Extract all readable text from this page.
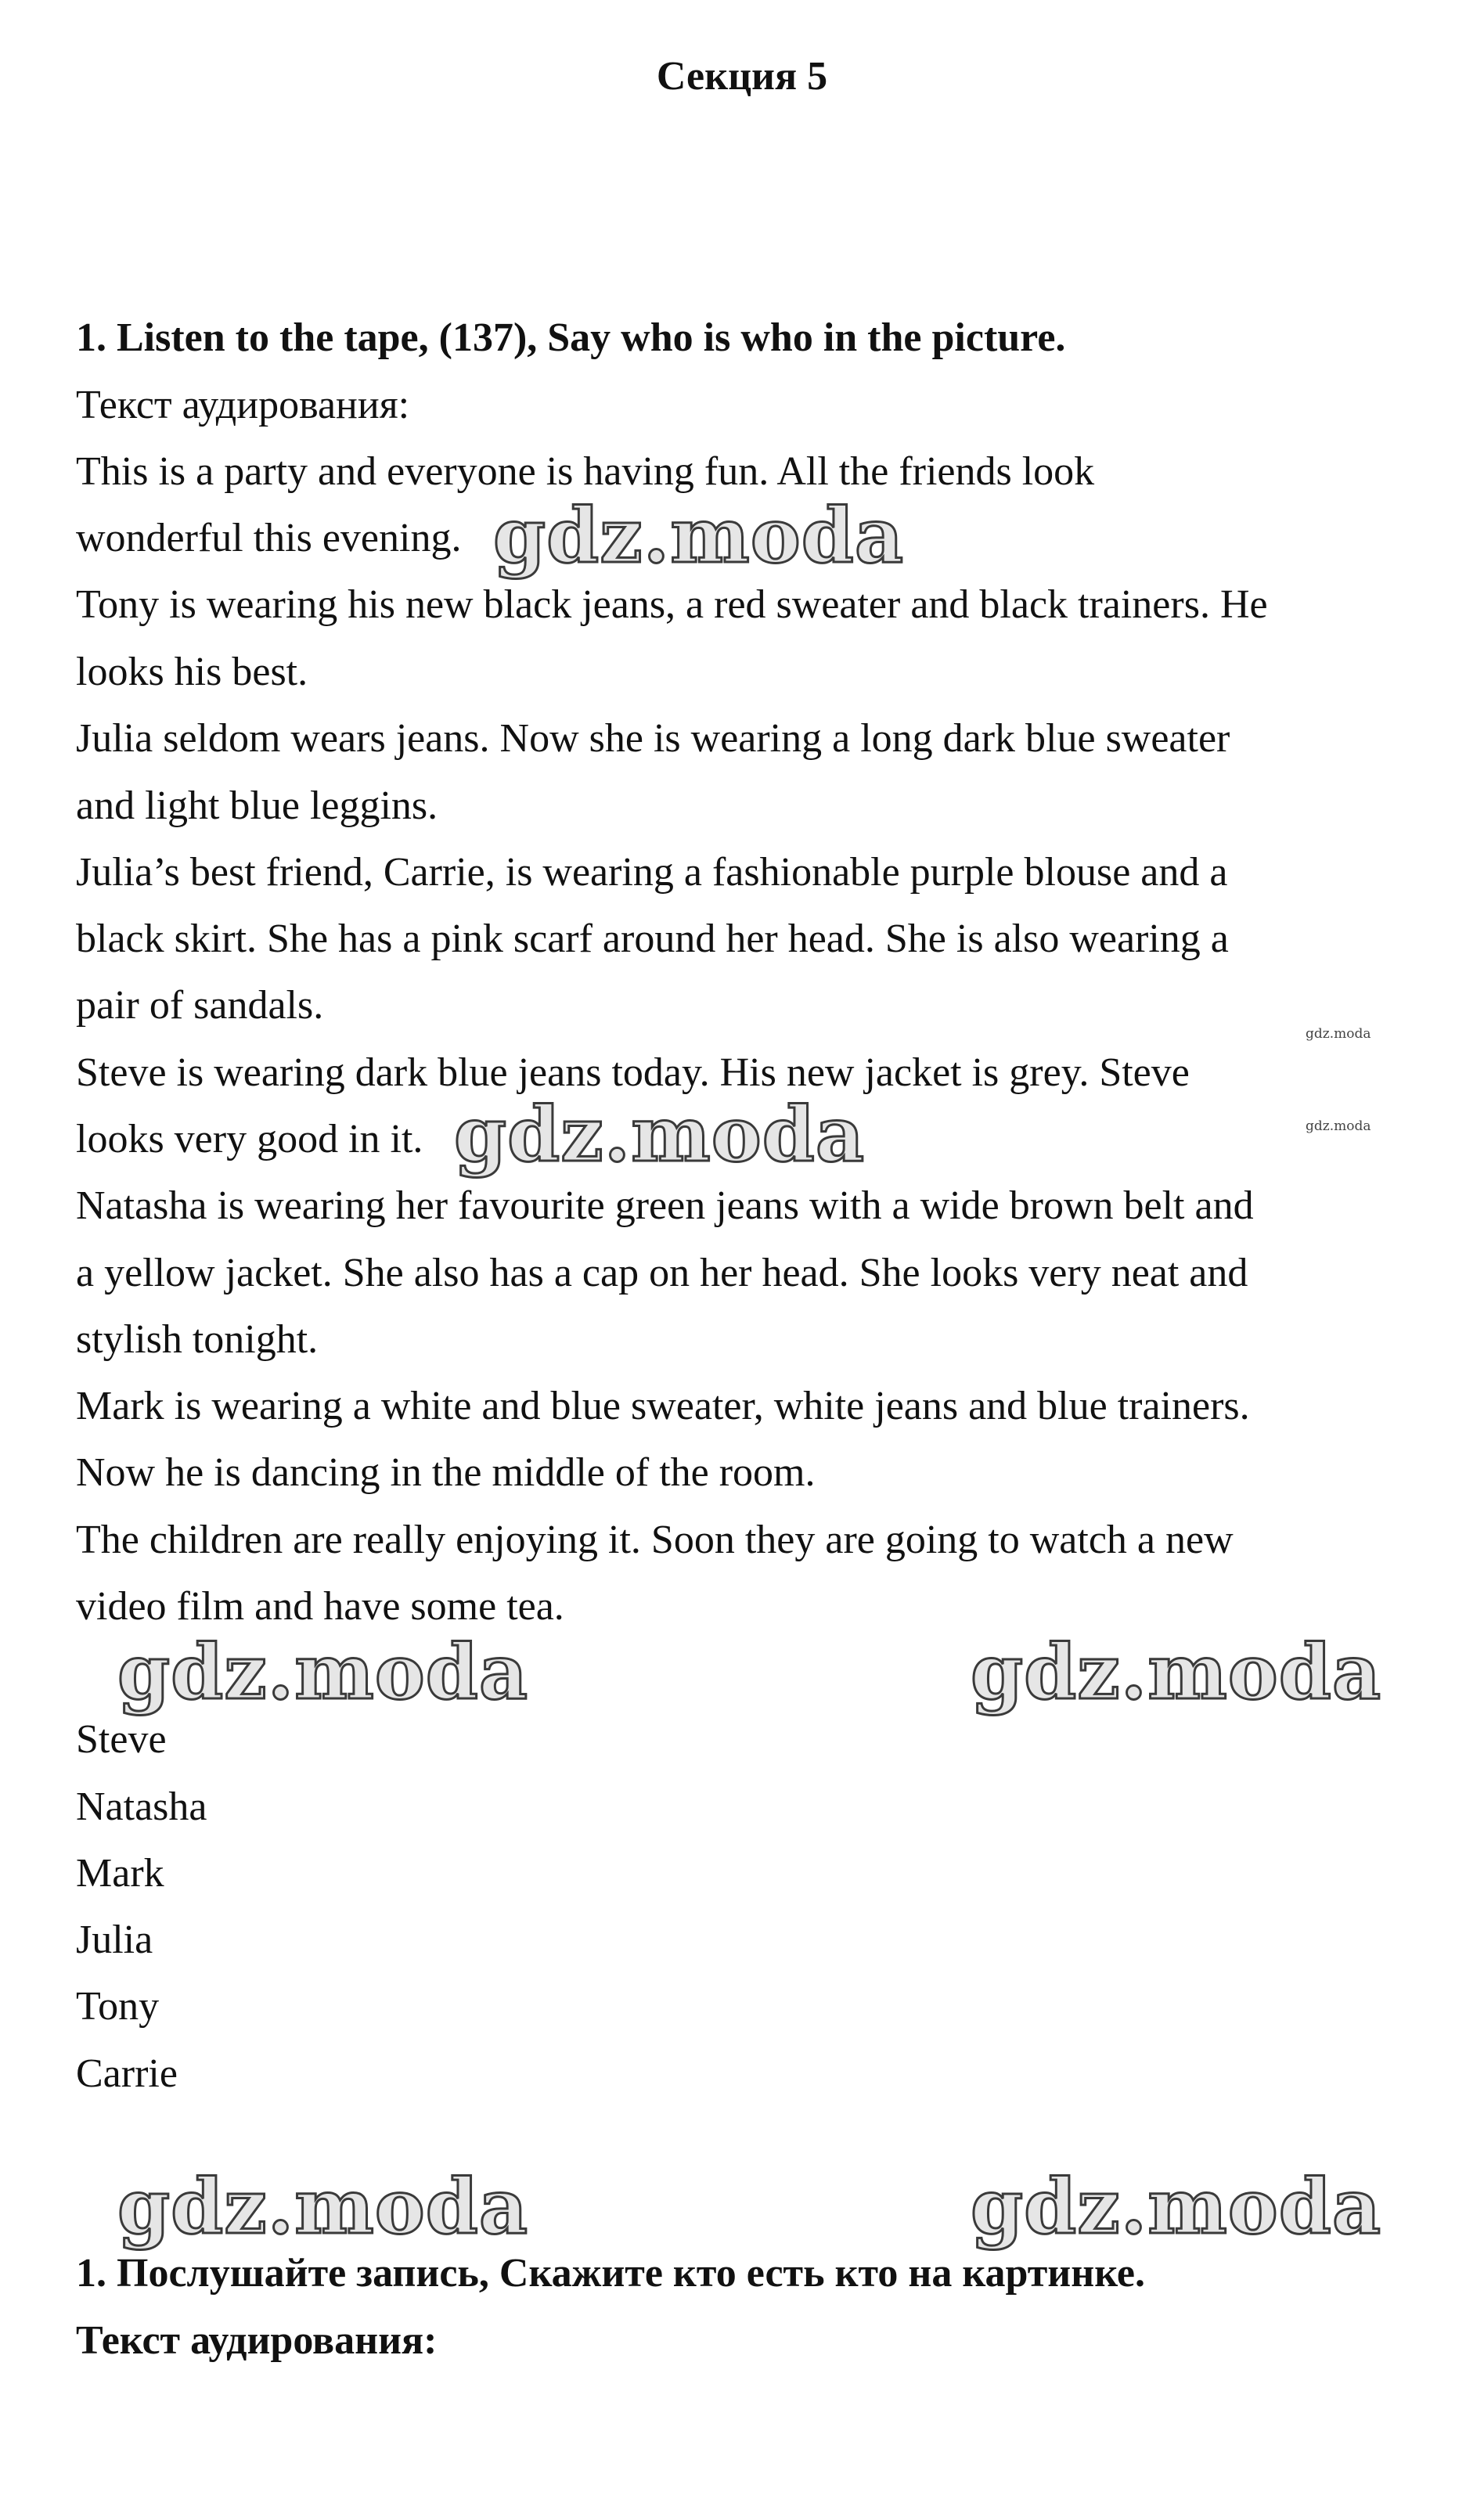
Секция 5
1. Listen to the tape, (137), Say who is who in the picture.
Текст аудирования:
This is a party and everyone is having fun. All the friends look
wonderful this evening.
Tony is wearing his new black jeans, a red sweater and black trainers. He
looks his best.
Julia seldom wears jeans. Now she is wearing a long dark blue sweater
and light blue leggins.
Julia’s best friend, Carrie, is wearing a fashionable purple blouse and a
black skirt. She has a pink scarf around her head. She is also wearing a
pair of sandals.
Steve is wearing dark blue jeans today. His new jacket is grey. Steve
looks very good in it.
Natasha is wearing her favourite green jeans with a wide brown belt and
a yellow jacket. She also has a cap on her head. She looks very neat and
stylish tonight.
Mark is wearing a white and blue sweater, white jeans and blue trainers.
Now he is dancing in the middle of the room.
The children are really enjoying it. Soon they are going to watch a new
video film and have some tea.
Steve
Natasha
Mark
Julia
Tony
Carrie
1. Послушайте запись, Скажите кто есть кто на картинке.
Текст аудирования:
gdz.moda
gdz.moda
gdz.moda	gdz.moda
gdz.moda	gdz.moda
gdz.moda
gdz.moda
